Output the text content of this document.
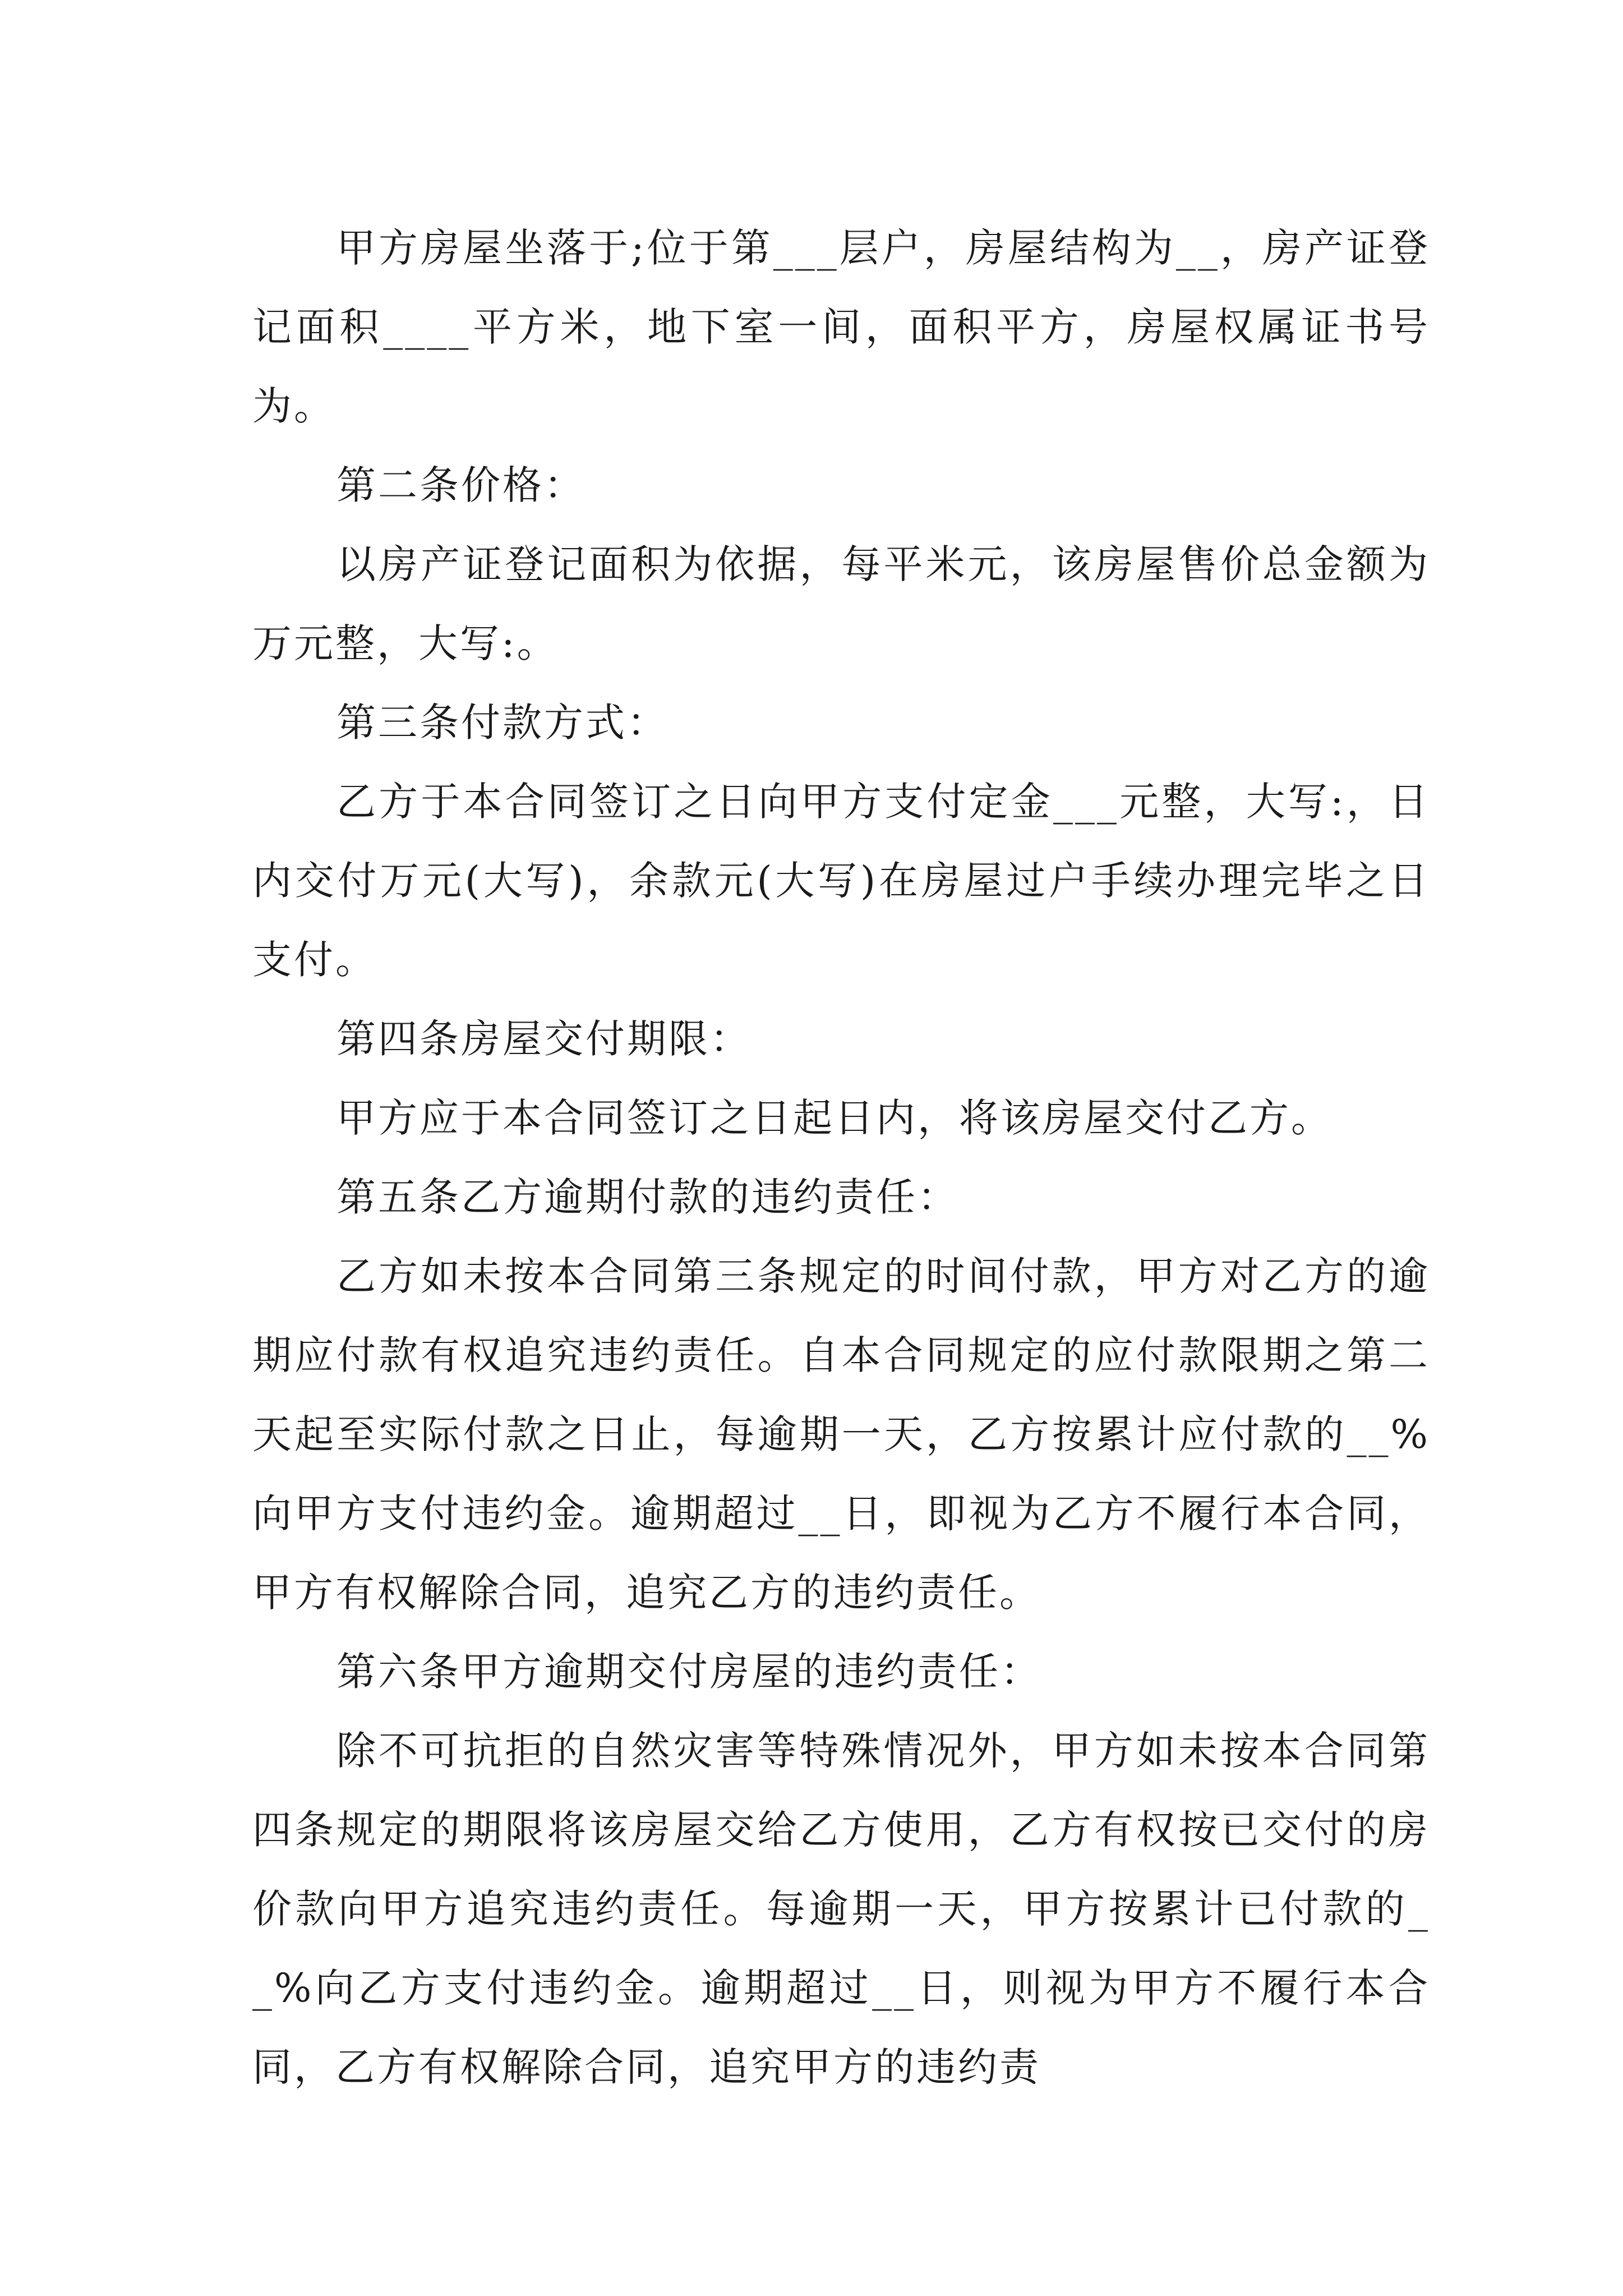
甲方房屋坐落于;位于第___层户，房屋结构为__，房产证登记面积____平方米，地下室一间，面积平方，房屋权属证书号为。

第二条价格：

以房产证登记面积为依据，每平米元，该房屋售价总金额为万元整，大写:。

第三条付款方式：

乙方于本合同签订之日向甲方支付定金___元整，大写:，日内交付万元(大写)，余款元(大写)在房屋过户手续办理完毕之日支付。

第四条房屋交付期限：

甲方应于本合同签订之日起日内，将该房屋交付乙方。

第五条乙方逾期付款的违约责任：

乙方如未按本合同第三条规定的时间付款，甲方对乙方的逾期应付款有权追究违约责任。自本合同规定的应付款限期之第二天起至实际付款之日止，每逾期一天，乙方按累计应付款的__%向甲方支付违约金。逾期超过__日，即视为乙方不履行本合同，甲方有权解除合同，追究乙方的违约责任。

第六条甲方逾期交付房屋的违约责任：

除不可抗拒的自然灾害等特殊情况外，甲方如未按本合同第四条规定的期限将该房屋交给乙方使用，乙方有权按已交付的房价款向甲方追究违约责任。每逾期一天，甲方按累计已付款的__%向乙方支付违约金。逾期超过__日，则视为甲方不履行本合同，乙方有权解除合同，追究甲方的违约责
